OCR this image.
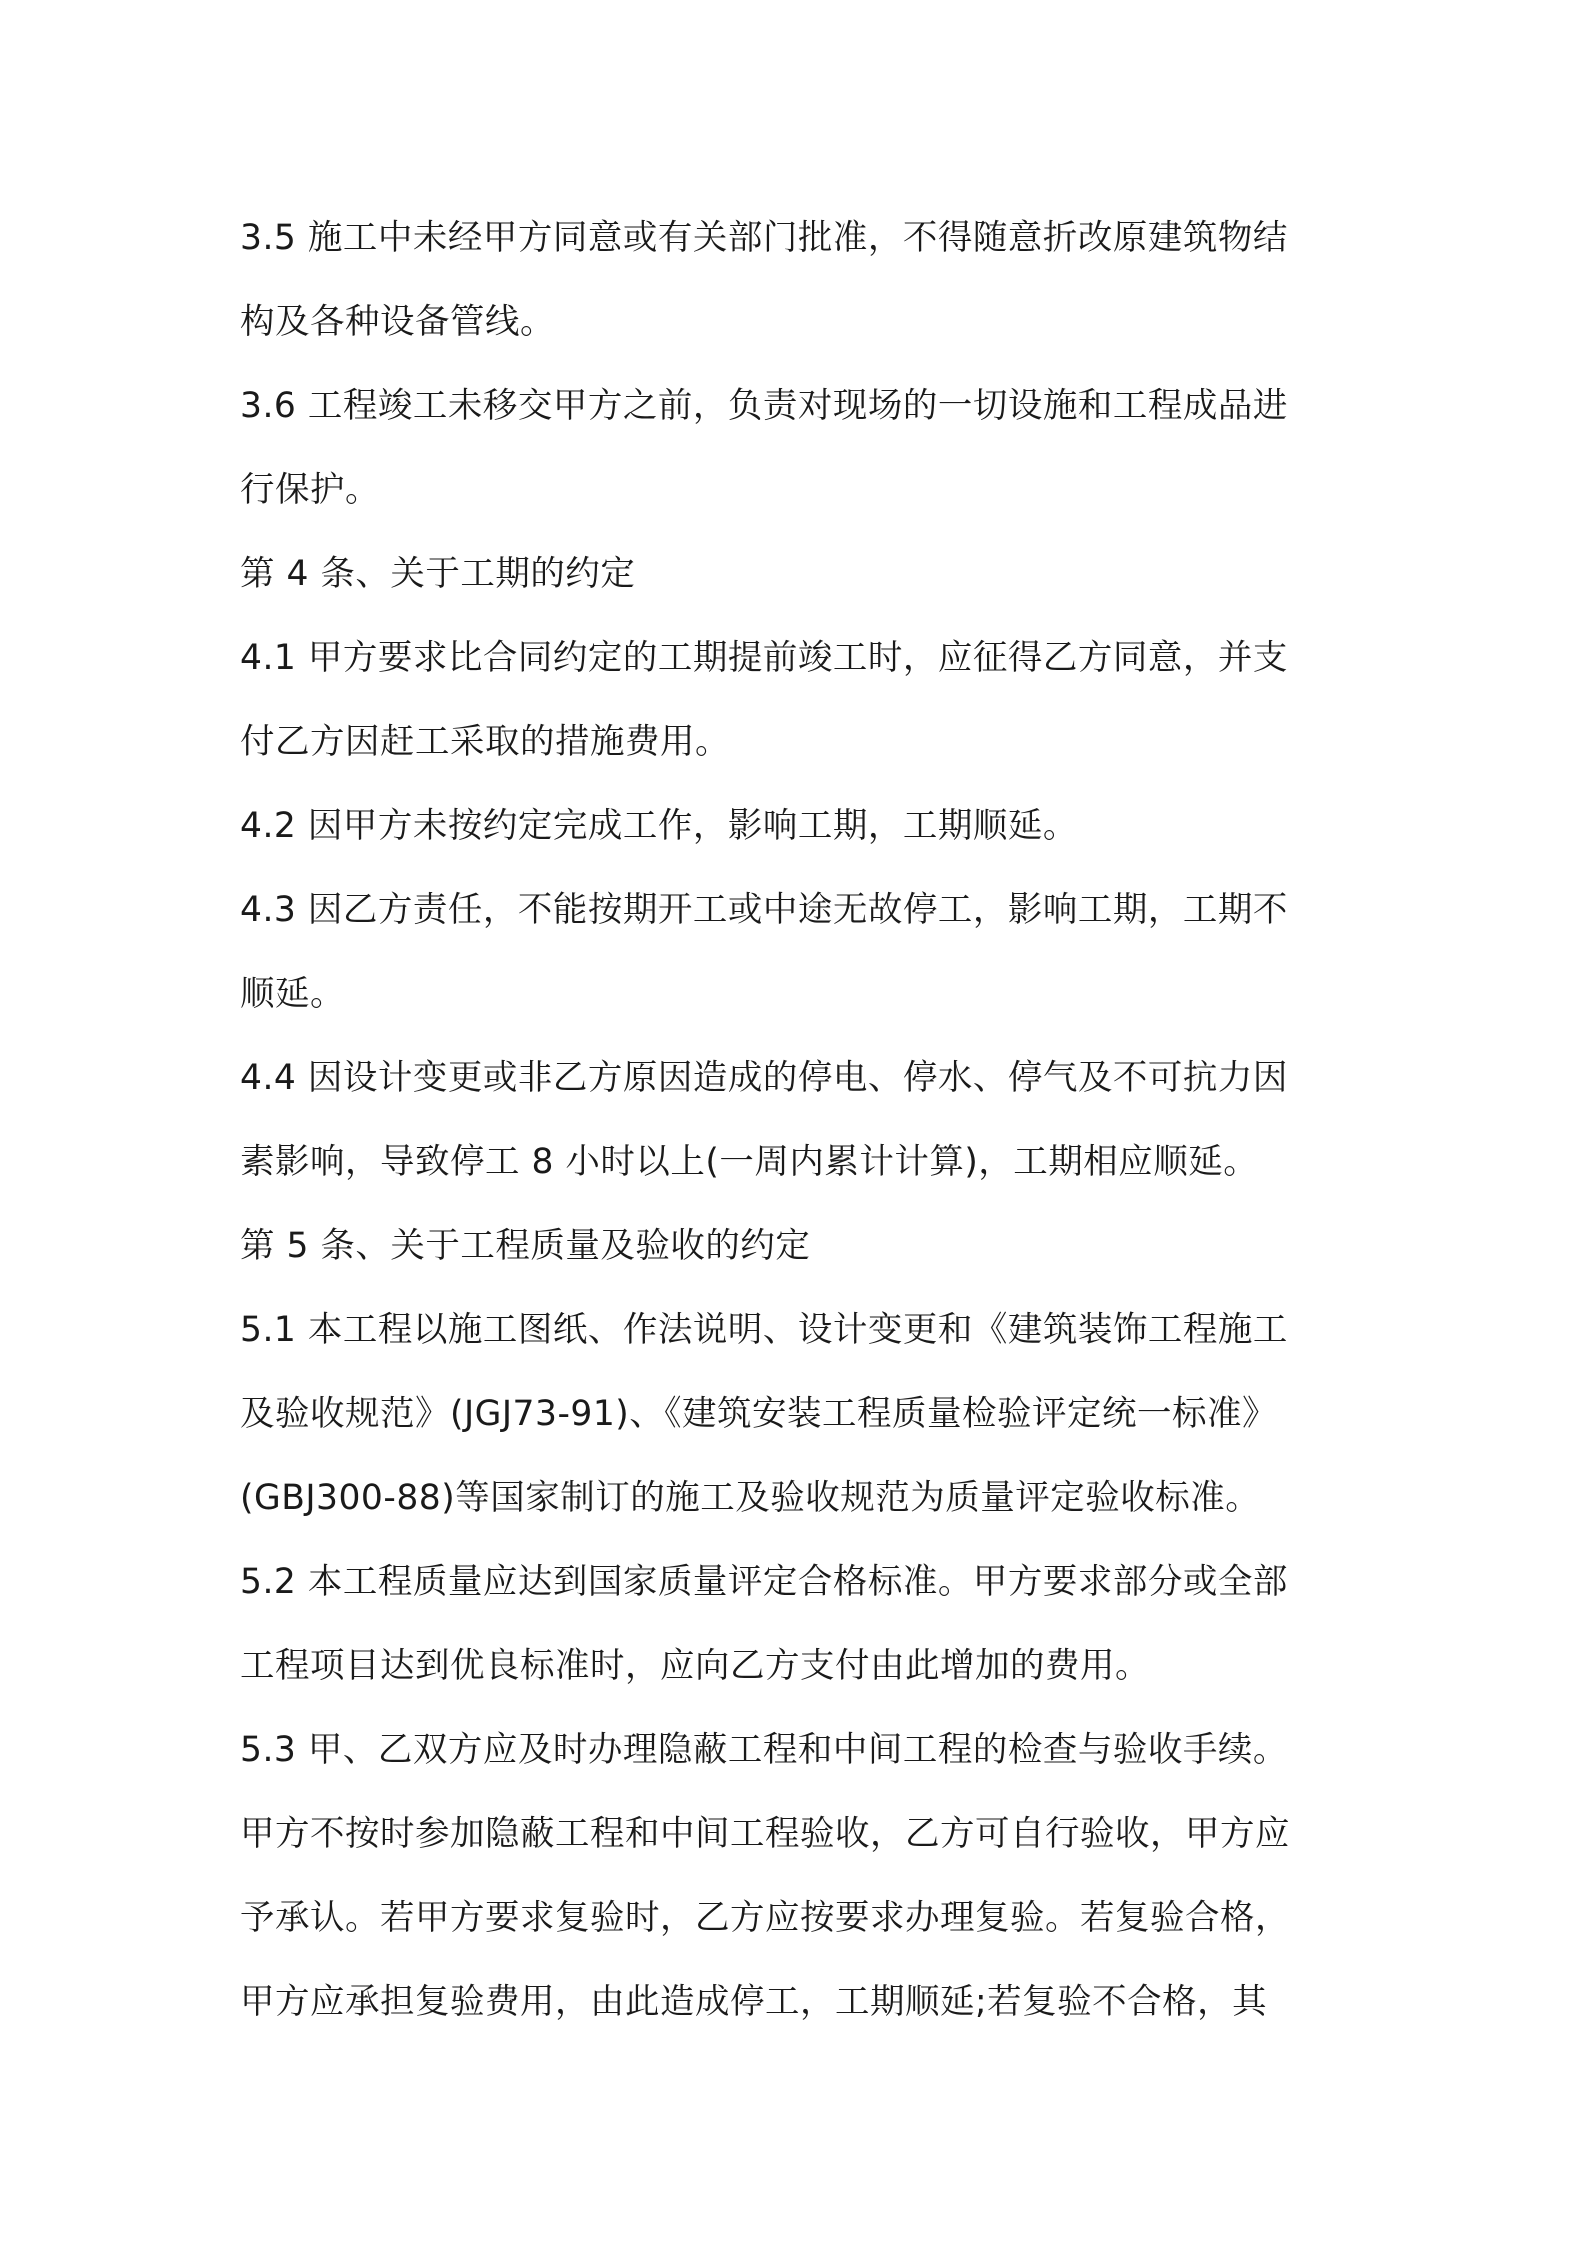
3.5 施工中未经甲方同意或有关部门批准，不得随意折改原建筑物结
构及各种设备管线。
3.6 工程竣工未移交甲方之前，负责对现场的一切设施和工程成品进
行保护。
第 4 条、关于工期的约定
4.1 甲方要求比合同约定的工期提前竣工时，应征得乙方同意，并支
付乙方因赶工采取的措施费用。
4.2 因甲方未按约定完成工作，影响工期，工期顺延。
4.3 因乙方责任，不能按期开工或中途无故停工，影响工期，工期不
顺延。
4.4 因设计变更或非乙方原因造成的停电、停水、停气及不可抗力因
素影响，导致停工 8 小时以上(一周内累计计算)，工期相应顺延。
第 5 条、关于工程质量及验收的约定
5.1 本工程以施工图纸、作法说明、设计变更和《建筑装饰工程施工
及验收规范》(JGJ73-91)、《建筑安装工程质量检验评定统一标准》
(GBJ300-88)等国家制订的施工及验收规范为质量评定验收标准。
5.2 本工程质量应达到国家质量评定合格标准。甲方要求部分或全部
工程项目达到优良标准时，应向乙方支付由此增加的费用。
5.3 甲、乙双方应及时办理隐蔽工程和中间工程的检查与验收手续。
甲方不按时参加隐蔽工程和中间工程验收，乙方可自行验收，甲方应
予承认。若甲方要求复验时，乙方应按要求办理复验。若复验合格，
甲方应承担复验费用，由此造成停工，工期顺延;若复验不合格，其
